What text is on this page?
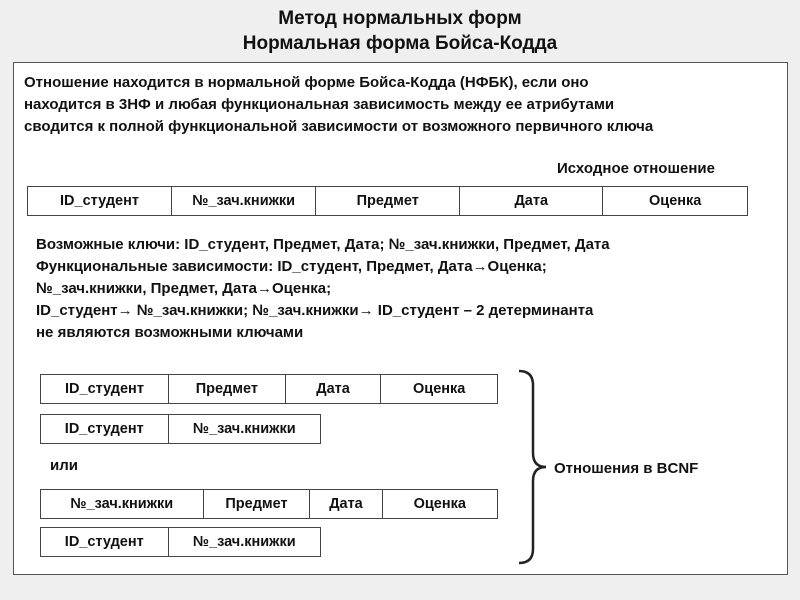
Метод нормальных форм
Нормальная форма Бойса-Кодда
Отношение находится в нормальной форме Бойса-Кодда (НФБК), если оно
находится в 3НФ и любая функциональная зависимость между ее атрибутами
сводится к полной функциональной зависимости от возможного первичного ключа
Исходное отношение
ID_студент	№_зач.книжки	Предмет	Дата	Оценка
Возможные ключи: ID_студент, Предмет, Дата; №_зач.книжки, Предмет, Дата
Функциональные зависимости: ID_студент, Предмет, Дата→Оценка;
№_зач.книжки, Предмет, Дата→Оценка;
ID_студент→ №_зач.книжки; №_зач.книжки→ ID_студент – 2 детерминанта
не являются возможными ключами
ID_студент	Предмет	Дата	Оценка
ID_студент	№_зач.книжки
или
№_зач.книжки	Предмет	Дата	Оценка
ID_студент	№_зач.книжки
Отношения в BCNF
